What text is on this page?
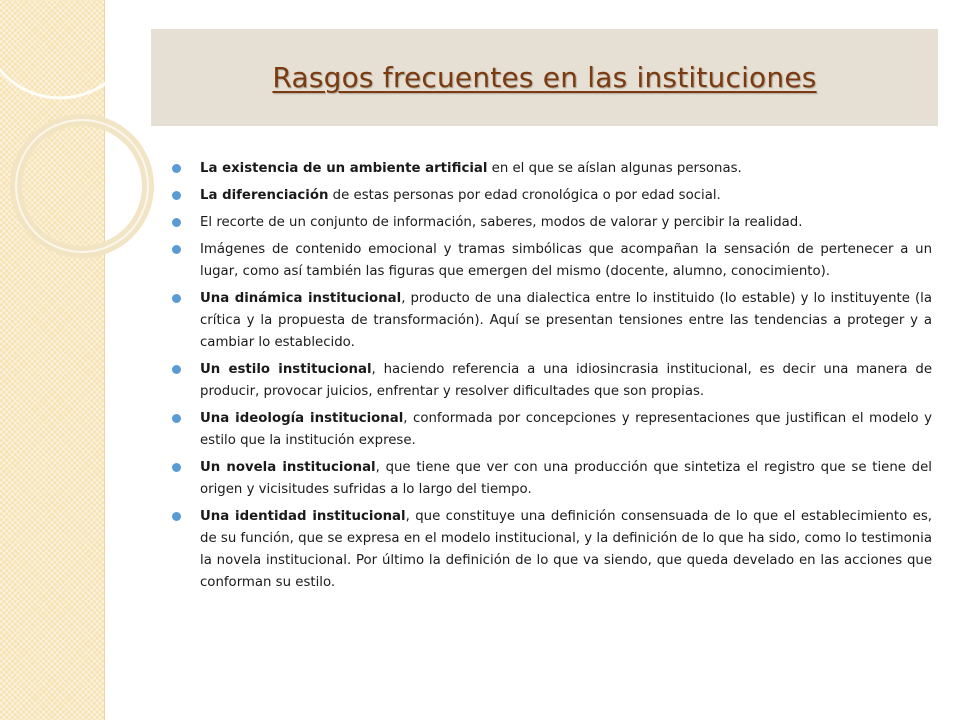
Rasgos frecuentes en las instituciones
La existencia de un ambiente artificial en el que se aíslan algunas personas.
La diferenciación de estas personas por edad cronológica o por edad social.
El recorte de un conjunto de información, saberes, modos de valorar y percibir la realidad.
Imágenes de contenido emocional y tramas simbólicas que acompañan la sensación de pertenecer a un lugar, como así también las figuras que emergen del mismo (docente, alumno, conocimiento).
Una dinámica institucional, producto de una dialectica entre lo instituido (lo estable) y lo instituyente (la crítica y la propuesta de transformación). Aquí se presentan tensiones entre las tendencias a proteger y a cambiar lo establecido.
Un estilo institucional, haciendo referencia a una idiosincrasia institucional, es decir una manera de producir, provocar juicios, enfrentar y resolver dificultades que son propias.
Una ideología institucional, conformada por concepciones y representaciones que justifican el modelo y estilo que la institución exprese.
Un novela institucional, que tiene que ver con una producción que sintetiza el registro que se tiene del origen y vicisitudes sufridas a lo largo del tiempo.
Una identidad institucional, que constituye una definición consensuada de lo que el establecimiento es, de su función, que se expresa en el modelo institucional, y la definición de lo que ha sido, como lo testimonia la novela institucional. Por último la definición de lo que va siendo, que queda develado en las acciones que conforman su estilo.
